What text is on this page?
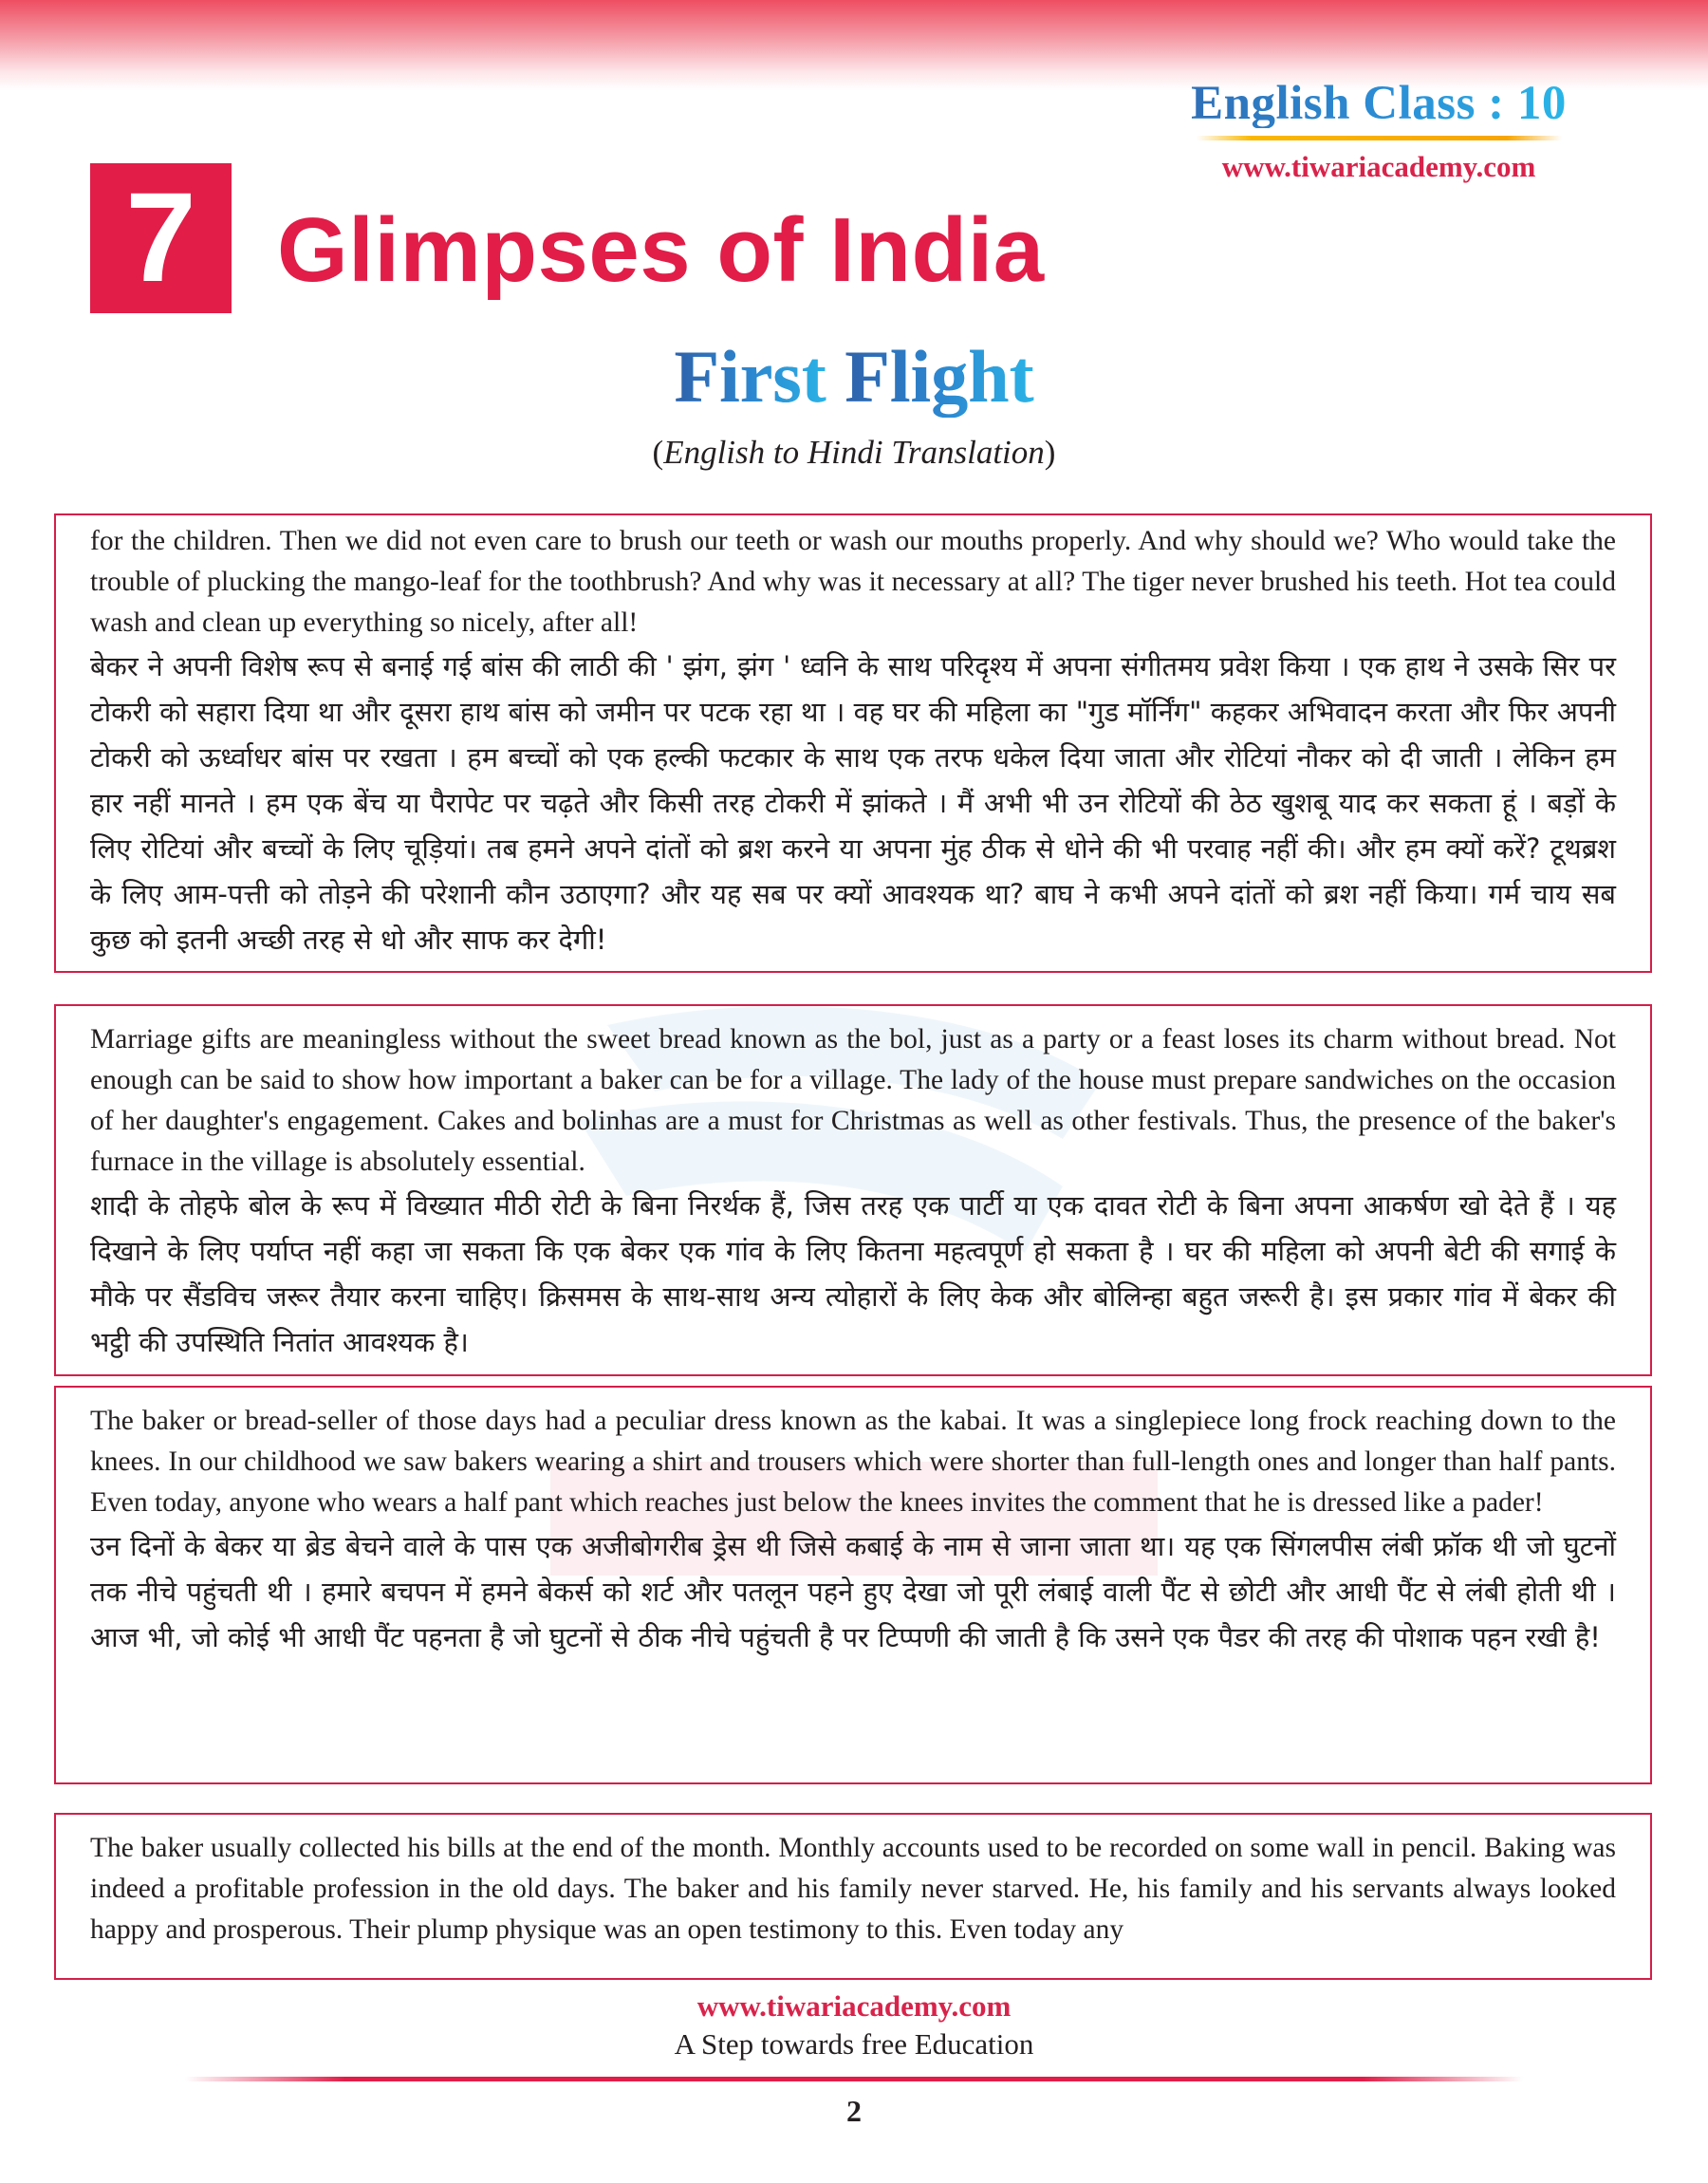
English Class : 10
www.tiwariacademy.com
7 Glimpses of India
First Flight
(English to Hindi Translation)

for the children. Then we did not even care to brush our teeth or wash our mouths properly. And why should we? Who would take the trouble of plucking the mango-leaf for the toothbrush? And why was it necessary at all? The tiger never brushed his teeth. Hot tea could wash and clean up everything so nicely, after all!

बेकर ने अपनी विशेष रूप से बनाई गई बांस की लाठी की ' झंग, झंग ' ध्वनि के साथ परिदृश्य में अपना संगीतमय प्रवेश किया । एक हाथ ने उसके सिर पर टोकरी को सहारा दिया था और दूसरा हाथ बांस को जमीन पर पटक रहा था । वह घर की महिला का "गुड मॉर्निंग" कहकर अभिवादन करता और फिर अपनी टोकरी को ऊर्ध्वाधर बांस पर रखता । हम बच्चों को एक हल्की फटकार के साथ एक तरफ धकेल दिया जाता और रोटियां नौकर को दी जाती । लेकिन हम हार नहीं मानते । हम एक बेंच या पैरापेट पर चढ़ते और किसी तरह टोकरी में झांकते । मैं अभी भी उन रोटियों की ठेठ खुशबू याद कर सकता हूं । बड़ों के लिए रोटियां और बच्चों के लिए चूड़ियां। तब हमने अपने दांतों को ब्रश करने या अपना मुंह ठीक से धोने की भी परवाह नहीं की। और हम क्यों करें? टूथब्रश के लिए आम-पत्ती को तोड़ने की परेशानी कौन उठाएगा? और यह सब पर क्यों आवश्यक था? बाघ ने कभी अपने दांतों को ब्रश नहीं किया। गर्म चाय सब कुछ को इतनी अच्छी तरह से धो और साफ कर देगी!

Marriage gifts are meaningless without the sweet bread known as the bol, just as a party or a feast loses its charm without bread. Not enough can be said to show how important a baker can be for a village. The lady of the house must prepare sandwiches on the occasion of her daughter's engagement. Cakes and bolinhas are a must for Christmas as well as other festivals. Thus, the presence of the baker's furnace in the village is absolutely essential.

शादी के तोहफे बोल के रूप में विख्यात मीठी रोटी के बिना निरर्थक हैं, जिस तरह एक पार्टी या एक दावत रोटी के बिना अपना आकर्षण खो देते हैं । यह दिखाने के लिए पर्याप्त नहीं कहा जा सकता कि एक बेकर एक गांव के लिए कितना महत्वपूर्ण हो सकता है । घर की महिला को अपनी बेटी की सगाई के मौके पर सैंडविच जरूर तैयार करना चाहिए। क्रिसमस के साथ-साथ अन्य त्योहारों के लिए केक और बोलिन्हा बहुत जरूरी है। इस प्रकार गांव में बेकर की भट्ठी की उपस्थिति नितांत आवश्यक है।

The baker or bread-seller of those days had a peculiar dress known as the kabai. It was a singlepiece long frock reaching down to the knees. In our childhood we saw bakers wearing a shirt and trousers which were shorter than full-length ones and longer than half pants. Even today, anyone who wears a half pant which reaches just below the knees invites the comment that he is dressed like a pader!

उन दिनों के बेकर या ब्रेड बेचने वाले के पास एक अजीबोगरीब ड्रेस थी जिसे कबाई के नाम से जाना जाता था। यह एक सिंगलपीस लंबी फ्रॉक थी जो घुटनों तक नीचे पहुंचती थी । हमारे बचपन में हमने बेकर्स को शर्ट और पतलून पहने हुए देखा जो पूरी लंबाई वाली पैंट से छोटी और आधी पैंट से लंबी होती थी । आज भी, जो कोई भी आधी पैंट पहनता है जो घुटनों से ठीक नीचे पहुंचती है पर टिप्पणी की जाती है कि उसने एक पैडर की तरह की पोशाक पहन रखी है!

The baker usually collected his bills at the end of the month. Monthly accounts used to be recorded on some wall in pencil. Baking was indeed a profitable profession in the old days. The baker and his family never starved. He, his family and his servants always looked happy and prosperous. Their plump physique was an open testimony to this. Even today any

www.tiwariacademy.com
A Step towards free Education
2
